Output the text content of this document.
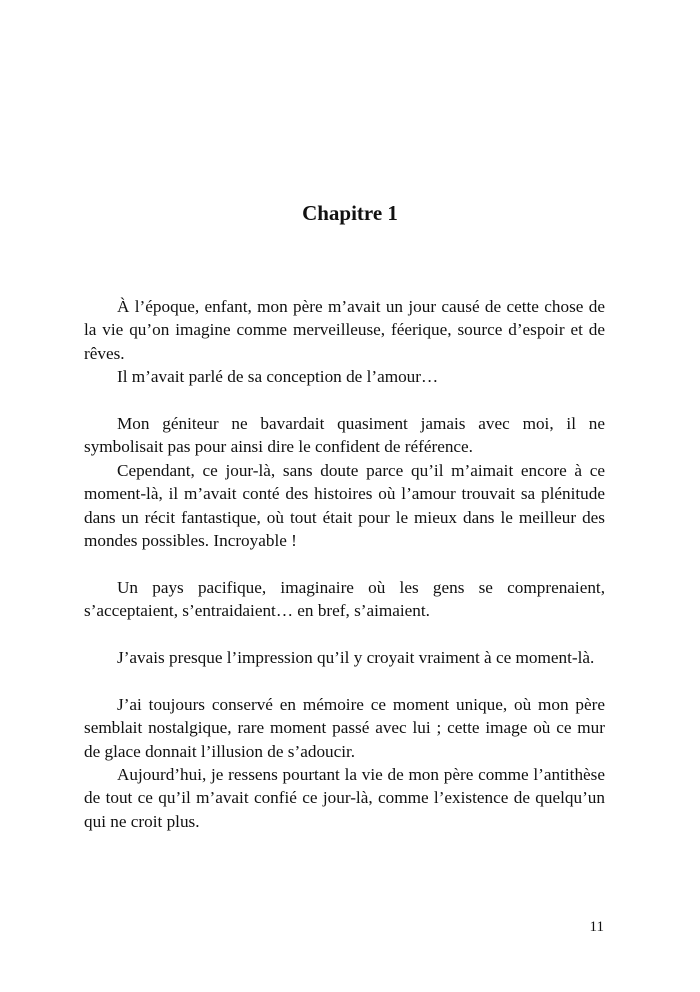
Chapitre 1

À l’époque, enfant, mon père m’avait un jour causé de cette chose de la vie qu’on imagine comme merveilleuse, féerique, source d’espoir et de rêves.

Il m’avait parlé de sa conception de l’amour…

Mon géniteur ne bavardait quasiment jamais avec moi, il ne symbolisait pas pour ainsi dire le confident de référence.

Cependant, ce jour-là, sans doute parce qu’il m’aimait encore à ce moment-là, il m’avait conté des histoires où l’amour trouvait sa plénitude dans un récit fantastique, où tout était pour le mieux dans le meilleur des mondes possibles. Incroyable !

Un pays pacifique, imaginaire où les gens se comprenaient, s’acceptaient, s’entraidaient… en bref, s’aimaient.

J’avais presque l’impression qu’il y croyait vraiment à ce moment-là.

J’ai toujours conservé en mémoire ce moment unique, où mon père semblait nostalgique, rare moment passé avec lui ; cette image où ce mur de glace donnait l’illusion de s’adoucir.

Aujourd’hui, je ressens pourtant la vie de mon père comme l’antithèse de tout ce qu’il m’avait confié ce jour-là, comme l’existence de quelqu’un qui ne croit plus.

11
